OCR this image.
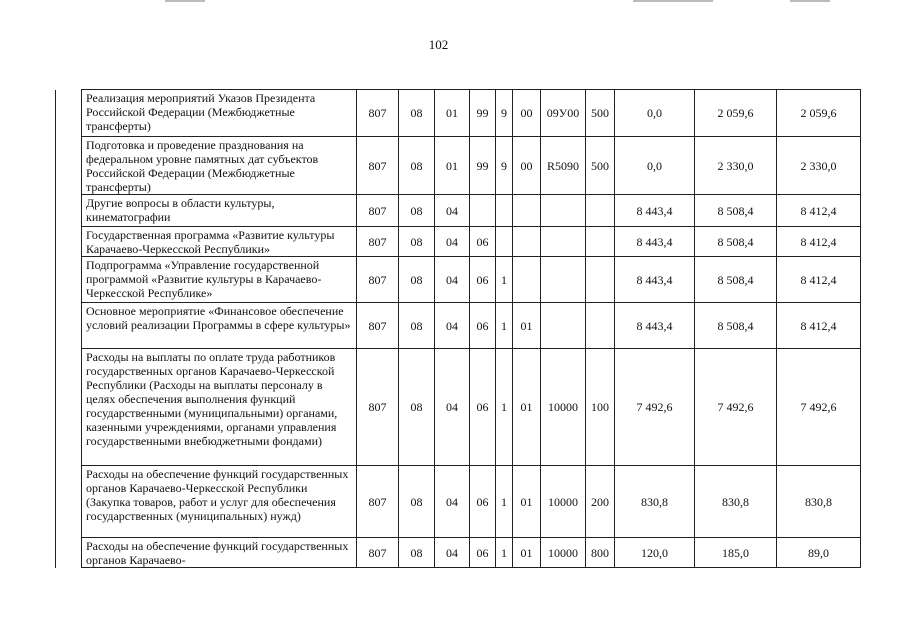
102
	Реализация мероприятий Указов Президента Российской Федерации (Межбюджетные трансферты)	807	08	01	99	9	00	09У00	500	0,0	2 059,6	2 059,6
	Подготовка и проведение празднования на федеральном уровне памятных дат субъектов Российской Федерации (Межбюджетные трансферты)	807	08	01	99	9	00	R5090	500	0,0	2 330,0	2 330,0
	Другие вопросы в области культуры, кинематографии	807	08	04						8 443,4	8 508,4	8 412,4
	Государственная программа «Развитие культуры Карачаево-Черкесской Республики»	807	08	04	06					8 443,4	8 508,4	8 412,4
	Подпрограмма «Управление государственной программой «Развитие культуры в Карачаево-Черкесской Республике»	807	08	04	06	1				8 443,4	8 508,4	8 412,4
	Основное мероприятие «Финансовое обеспечение условий реализации Программы в сфере культуры»	807	08	04	06	1	01			8 443,4	8 508,4	8 412,4
	Расходы на выплаты по оплате труда работников государственных органов Карачаево-Черкесской Республики (Расходы на выплаты персоналу в целях обеспечения выполнения функций государственными (муниципальными) органами, казенными учреждениями, органами управления государственными внебюджетными фондами)	807	08	04	06	1	01	10000	100	7 492,6	7 492,6	7 492,6
	Расходы на обеспечение функций государственных органов Карачаево-Черкесской Республики (Закупка товаров, работ и услуг для обеспечения государственных (муниципальных) нужд)	807	08	04	06	1	01	10000	200	830,8	830,8	830,8
	Расходы на обеспечение функций государственных органов Карачаево-	807	08	04	06	1	01	10000	800	120,0	185,0	89,0
